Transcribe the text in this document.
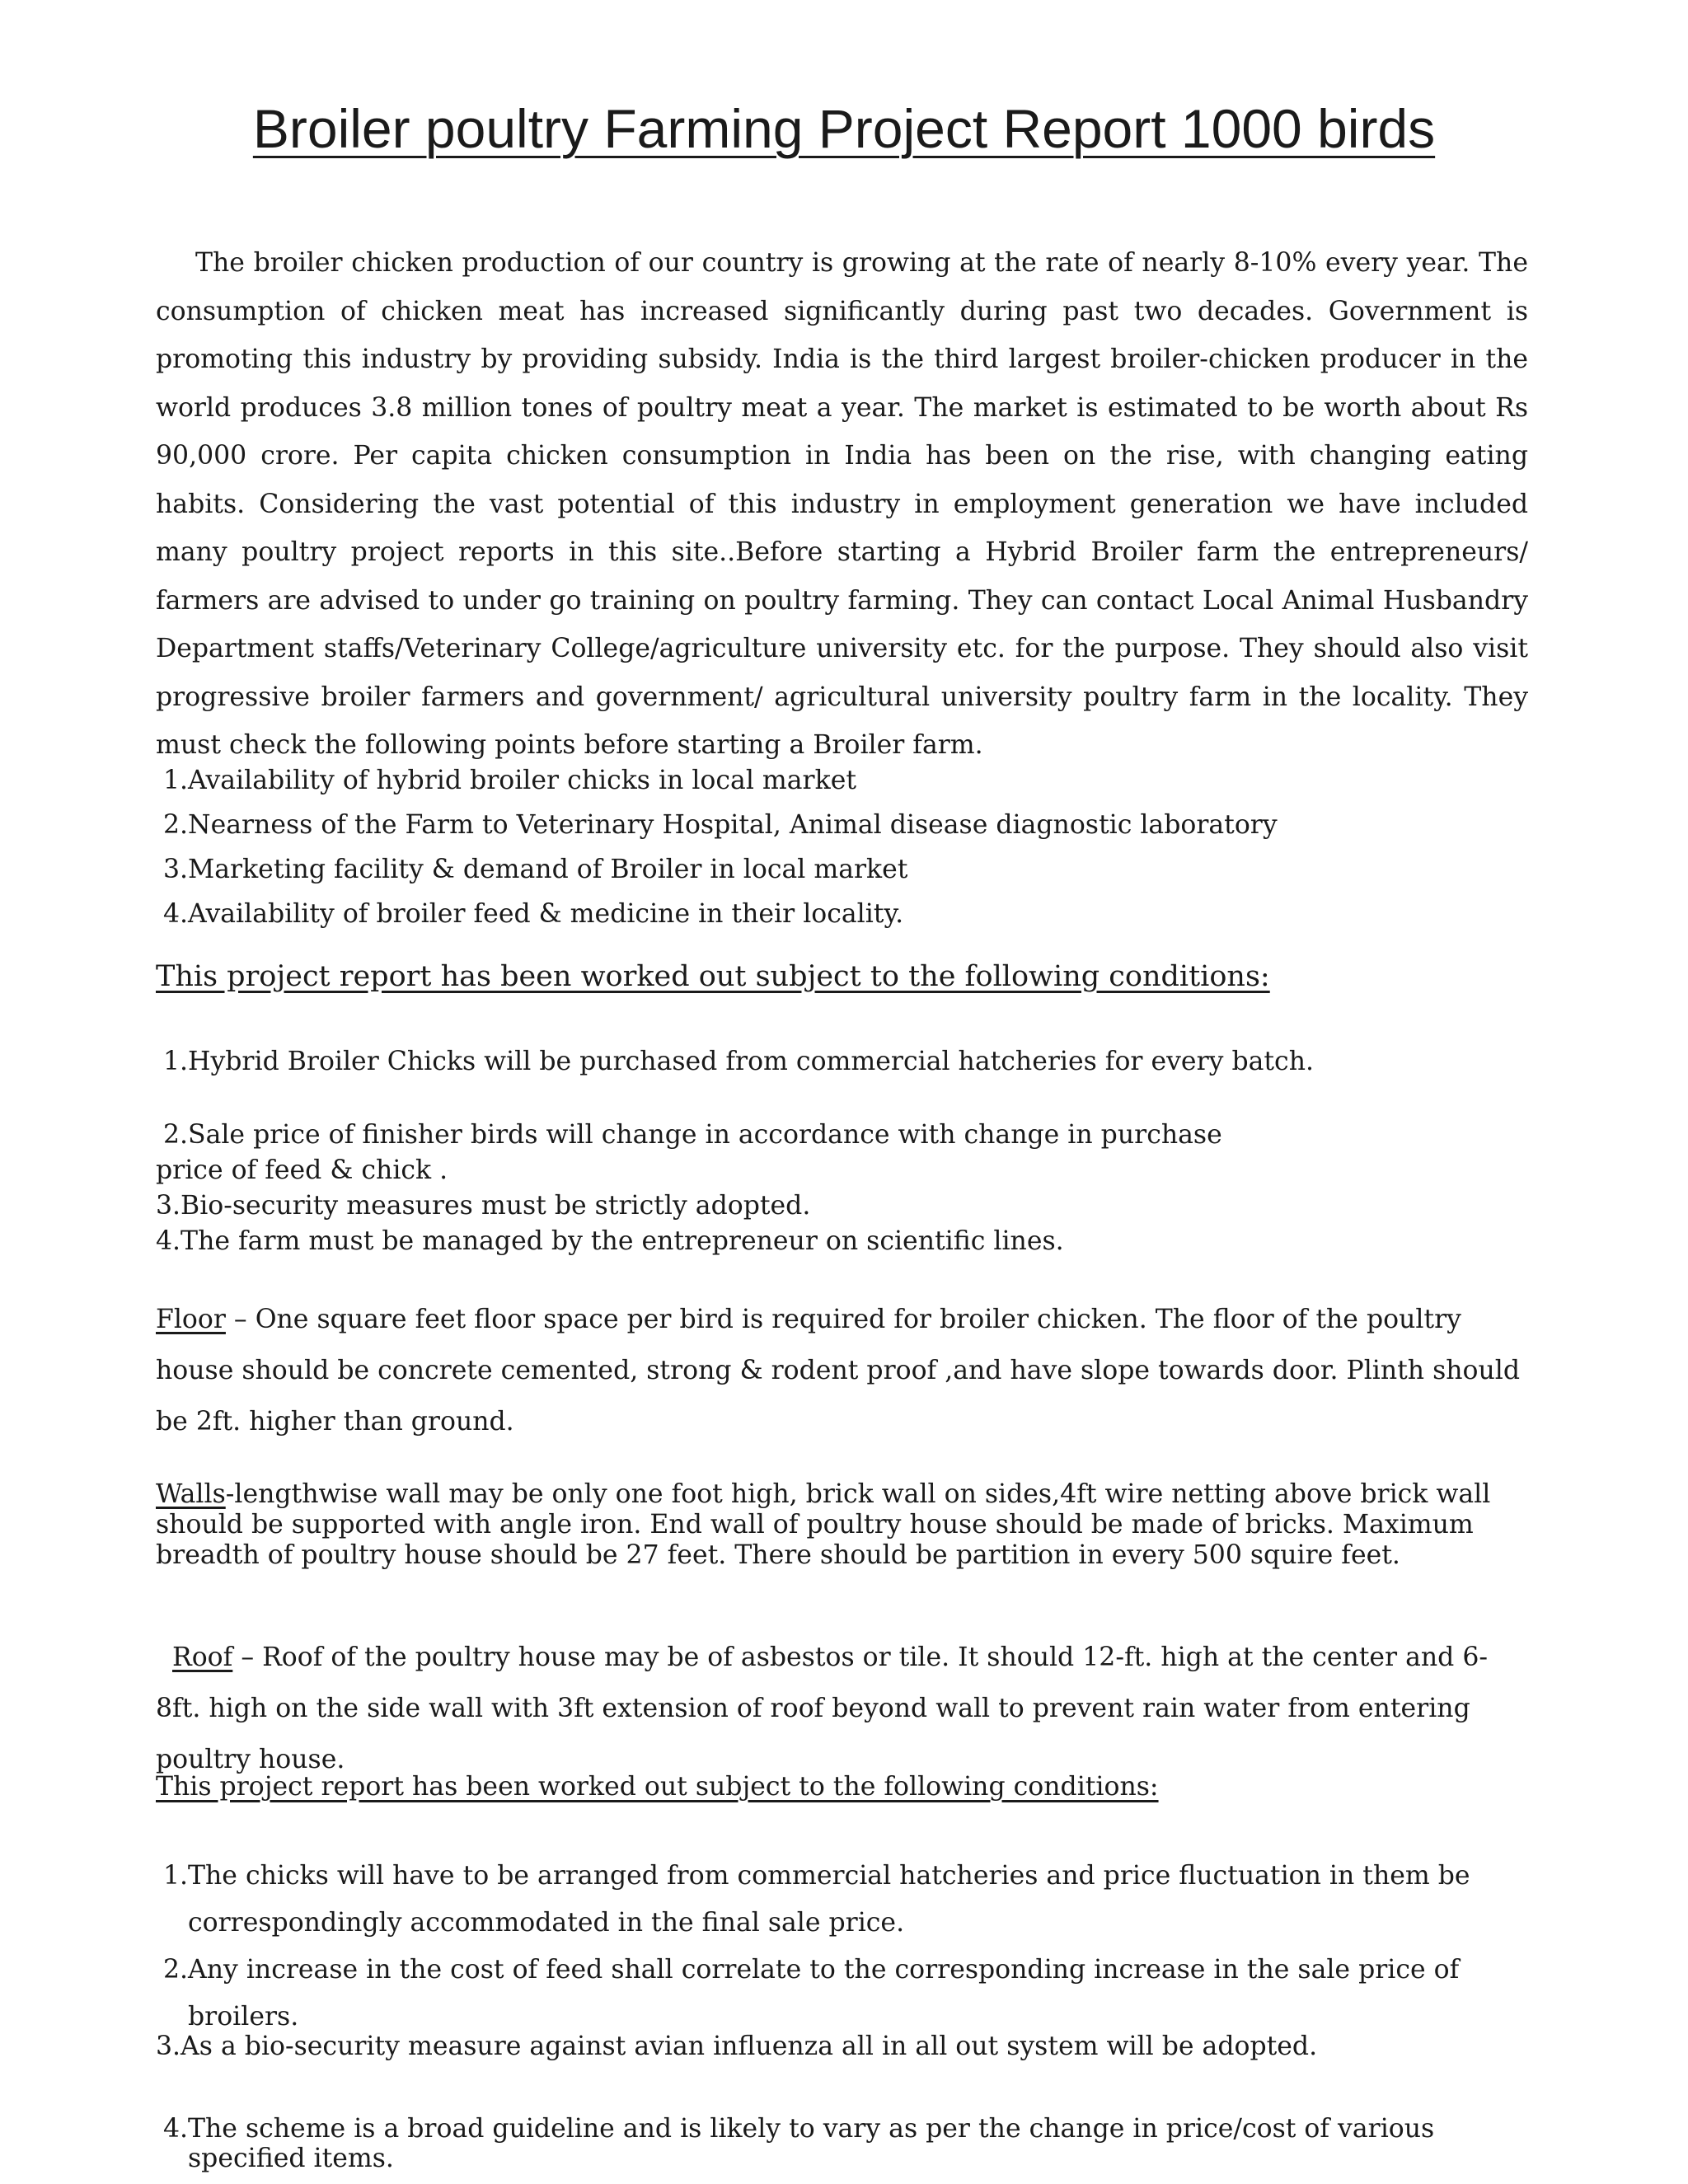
Broiler poultry Farming Project Report 1000 birds

The broiler chicken production of our country is growing at the rate of nearly 8-10% every year. The consumption of chicken meat has increased significantly during past two decades. Government is promoting this industry by providing subsidy. India is the third largest broiler-chicken producer in the world produces 3.8 million tones of poultry meat a year. The market is estimated to be worth about Rs 90,000 crore. Per capita chicken consumption in India has been on the rise, with changing eating habits. Considering the vast potential of this industry in employment generation we have included many poultry project reports in this site..Before starting a Hybrid Broiler farm the entrepreneurs/ farmers are advised to under go training on poultry farming. They can contact Local Animal Husbandry Department staffs/Veterinary College/agriculture university etc. for the purpose. They should also visit progressive broiler farmers and government/ agricultural university poultry farm in the locality. They must check the following points before starting a Broiler farm.

1. Availability of hybrid broiler chicks in local market
2. Nearness of the Farm to Veterinary Hospital, Animal disease diagnostic laboratory
3. Marketing facility & demand of Broiler in local market
4. Availability of broiler feed & medicine in their locality.
This project report has been worked out subject to the following conditions:
1. Hybrid Broiler Chicks will be purchased from commercial hatcheries for every batch.
2. Sale price of finisher birds will change in accordance with change in purchase
price of feed & chick .
3.Bio-security measures must be strictly adopted.
4.The farm must be managed by the entrepreneur on scientific lines.

Floor – One square feet floor space per bird is required for broiler chicken. The floor of the poultry house should be concrete cemented, strong & rodent proof ,and have slope towards door. Plinth should be 2ft. higher than ground.

Walls-lengthwise wall may be only one foot high, brick wall on sides,4ft wire netting above brick wall should be supported with angle iron. End wall of poultry house should be made of bricks. Maximum breadth of poultry house should be 27 feet. There should be partition in every 500 squire feet.

Roof – Roof of the poultry house may be of asbestos or tile. It should 12-ft. high at the center and 6-8ft. high on the side wall with 3ft extension of roof beyond wall to prevent rain water from entering poultry house.

This project report has been worked out subject to the following conditions:
1. The chicks will have to be arranged from commercial hatcheries and price fluctuation in them be correspondingly accommodated in the final sale price.
2. Any increase in the cost of feed shall correlate to the corresponding increase in the sale price of broilers.

3.As a bio-security measure against avian influenza all in all out system will be adopted.

4. The scheme is a broad guideline and is likely to vary as per the change in price/cost of various specified items.
